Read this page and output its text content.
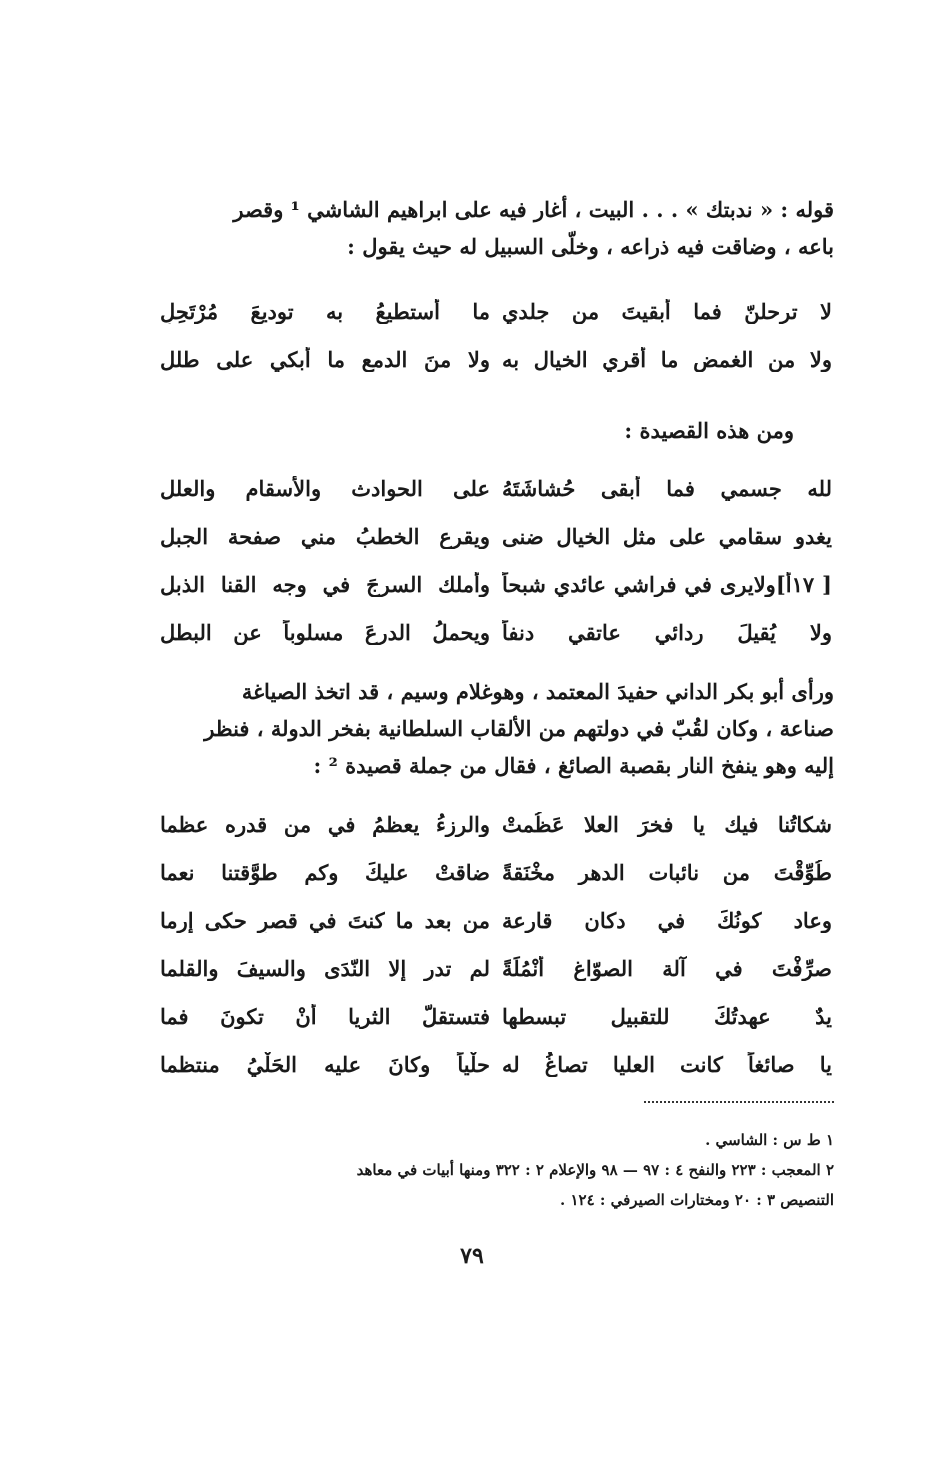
قوله : « ندبتك » . . . البيت ، أغار فيه على ابراهيم الشاشي ¹ وقصر
باعه ، وضاقت فيه ذراعه ، وخلّى السبيل له حيث يقول :
لا ترحلنّ فما أبقيتَ من جلدي
ما أستطيعُ به توديعَ مُرْتَحِلِ
ولا من الغمض ما أقري الخيال به
ولا منَ الدمعِ ما أبكي على طلل
ومن هذه القصيدة :
لله جسمي فما أبقى حُشاشَتَهُ
على الحوادث والأسقام والعلل
يغدو سقامي على مثل الخيال ضنى
ويقرع الخطبُ مني صفحة الجبل
[ ١٧أ]ولايرى في فراشي عائدي شبحاً
وأملك السرجَ في وجه القنا الذبل
ولا يُقيلَ ردائي عاتقي دنفاً
ويحملُ الدرعَ مسلوباً عن البطل
ورأى أبو بكر الداني حفيدَ المعتمد ، وهوغلام وسيم ، قد اتخذ الصياغة
صناعة ، وكان لقُبّ في دولتهم من الألقاب السلطانية بفخر الدولة ، فنظر
إليه وهو ينفخ النار بقصبة الصائغ ، فقال من جملة قصيدة ² :
شكاتُنا فيك يا فخرَ العلا عَظُمتْ
والرزءُ يعظمُ في من قدره عظما
طُوِّقْتَ من نائبات الدهرِ مخْنَقةً
ضاقتْ عليكَ وكم طوَّقتنا نعما
وعاد كونُكَ في دكان قارعة
من بعد ما كنتَ في قصرٍ حكى إرما
صرِّفْتَ في آلة الصوّاغ أنْمُلَةً
لم تدرِ إلا النّدَى والسيفَ والقلما
يدٌ عهدتُكَ للتقبيل تبسطها
فتستقلّ الثريا أنْ تكونَ فما
يا صائغاً كانت العليا تصاغُ له
حلْياً وكانَ عليه الحَلْيُ منتظما
١ ط س : الشاسي .
٢ المعجب : ٢٢٣ والنفح ٤ : ٩٧ — ٩٨ والإعلام ٢ : ٣٢٢ ومنها أبيات في معاهد
التنصيص ٣ : ٢٠ ومختارات الصيرفي : ١٢٤ .
٧٩
